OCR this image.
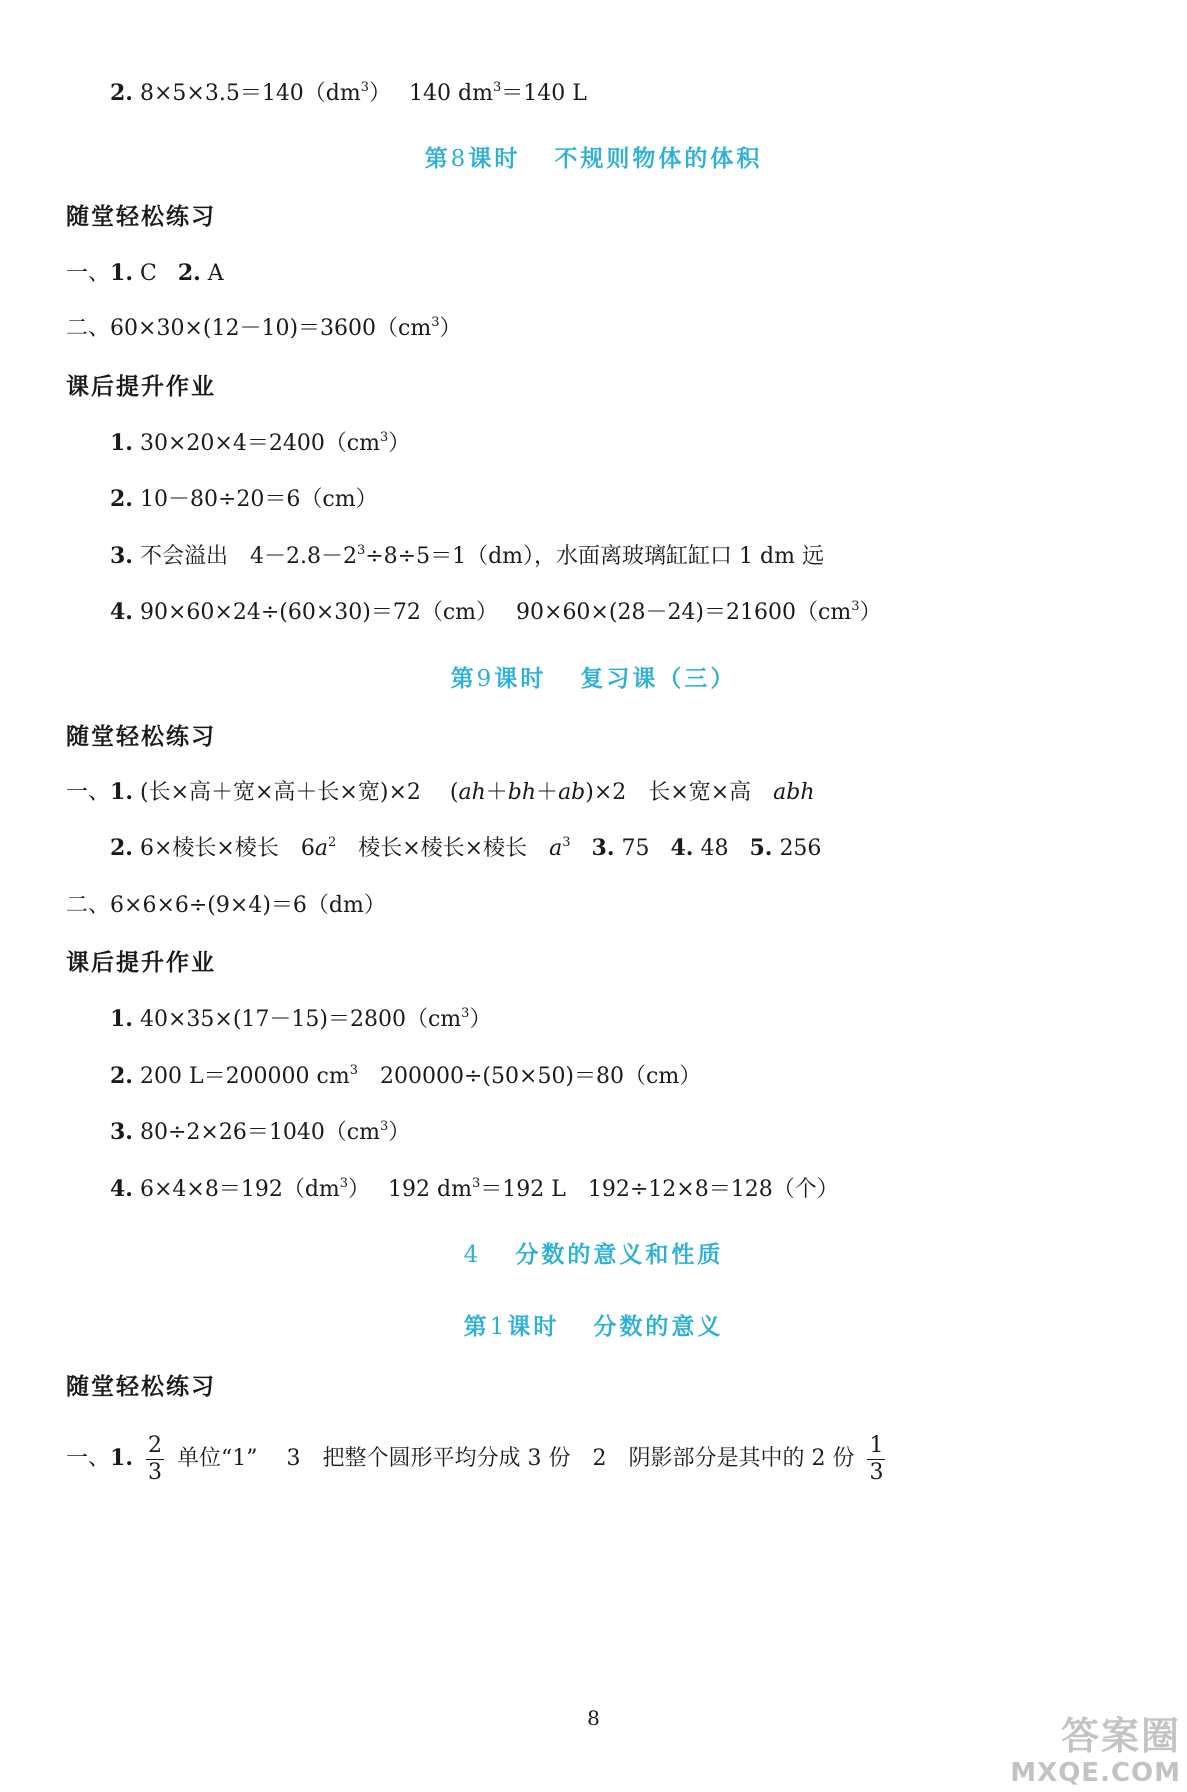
2. $8\times 5\times 3.5=140(dm^3)$　 140 $dm^3=140$ L
第8课时 不规则物体的体积
随堂轻松练习
一、1. C 2. A
二、$60\times 30\times(12-10)=3600(cm^3)$
课后提升作业
1. $30\times 20\times 4=2400(cm^3)$
2. 10－80÷20＝6（cm）
3. 不会溢出　$4-2.8-2^3\div 8\div 5=1(dm)$，水面离玻璃缸缸口 1 dm 远
4. 90×60×24÷(60×30)＝72（cm）　 $90\times 60\times(28-24)=21600(cm^3)$
第9课时 复习课（三）
随堂轻松练习
一、1. (长×高＋宽×高＋长×宽)×2　 (ah＋bh＋ab)×2　长×宽×高　abh
2. 6×棱长×棱长　$6a^2$　棱长×棱长×棱长　$a^3$ 3. 75 4. 48 5. 256
二、6×6×6÷(9×4)＝6（dm）
课后提升作业
1. $40\times 35\times(17-15)=2800(cm^3)$
2. 200 L＝200000 $cm^3$　200000÷(50×50)＝80（cm）
3. $80\div 2\times 26=1040(cm^3)$
4. $6\times 4\times 8=192(dm^3)$　 192 $dm^3=192$ L　192÷12×8＝128（个）
4 分数的意义和性质
第1课时 分数的意义
随堂轻松练习
一、1. $\frac{2}{3}$ 单位“1”　 3　把整个圆形平均分成 3 份　2　阴影部分是其中的 2 份 $\frac{1}{3}$
8	答案圈
MXQE.COM
